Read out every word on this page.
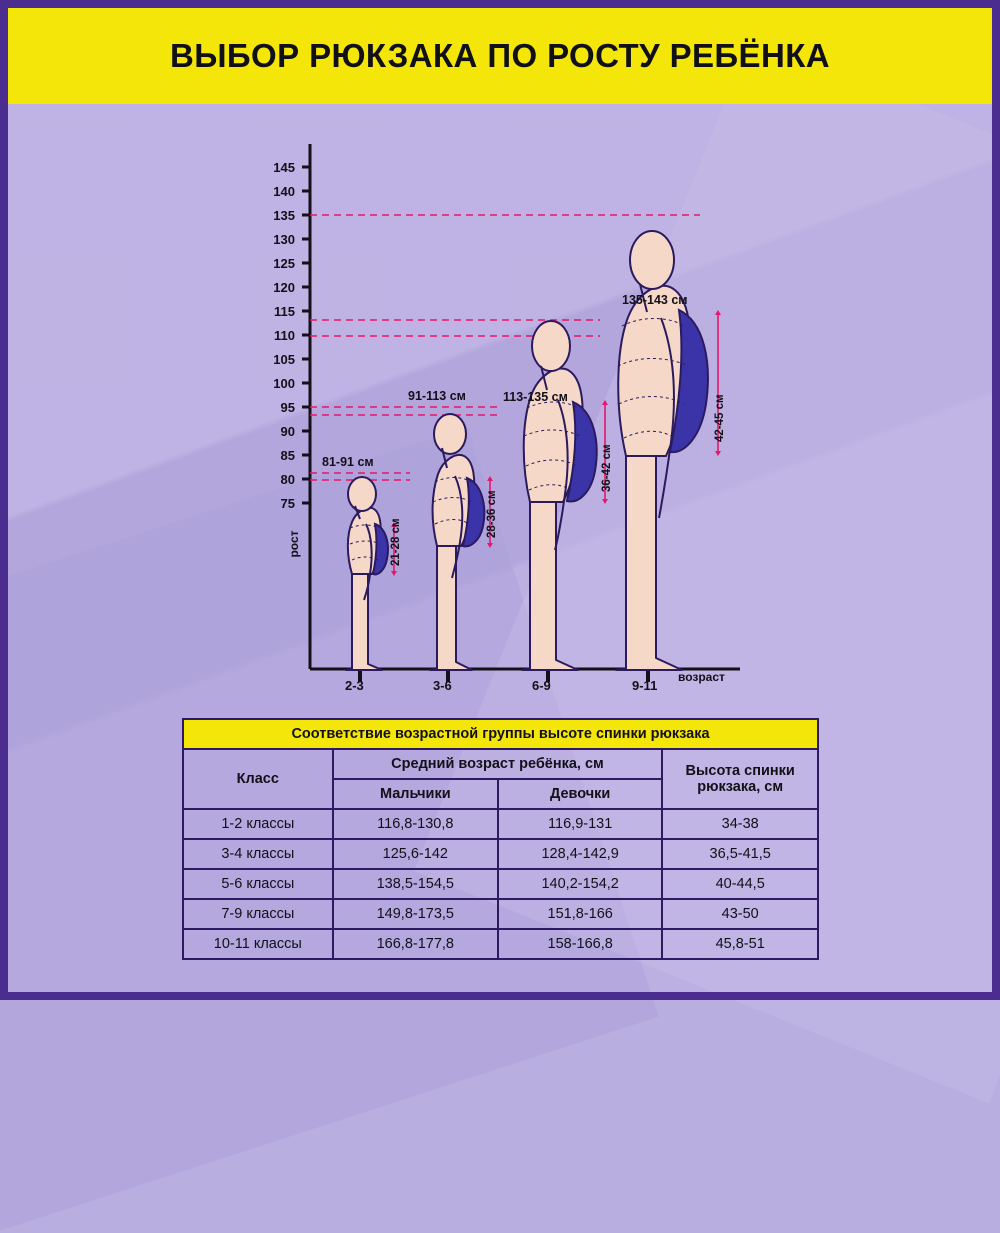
ВЫБОР РЮКЗАКА ПО РОСТУ РЕБЁНКА
145
140
135
130
125
120
115
110
105
100
95
90
85
80
75
рост
возраст
2-3	3-6	6-9	9-11
81-91 см
21-28 см
91-113 см
28-36 см
113-135 см
36-42 см
135-143 см
42-45 см
Соответствие возрастной группы высоте спинки рюкзака			
Класс	Средний возраст ребёнка, см		Высота спинки рюкзака, см
	Мальчики	Девочки	
1-2 классы	116,8-130,8	116,9-131	34-38
3-4 классы	125,6-142	128,4-142,9	36,5-41,5
5-6 классы	138,5-154,5	140,2-154,2	40-44,5
7-9 классы	149,8-173,5	151,8-166	43-50
10-11 классы	166,8-177,8	158-166,8	45,8-51
